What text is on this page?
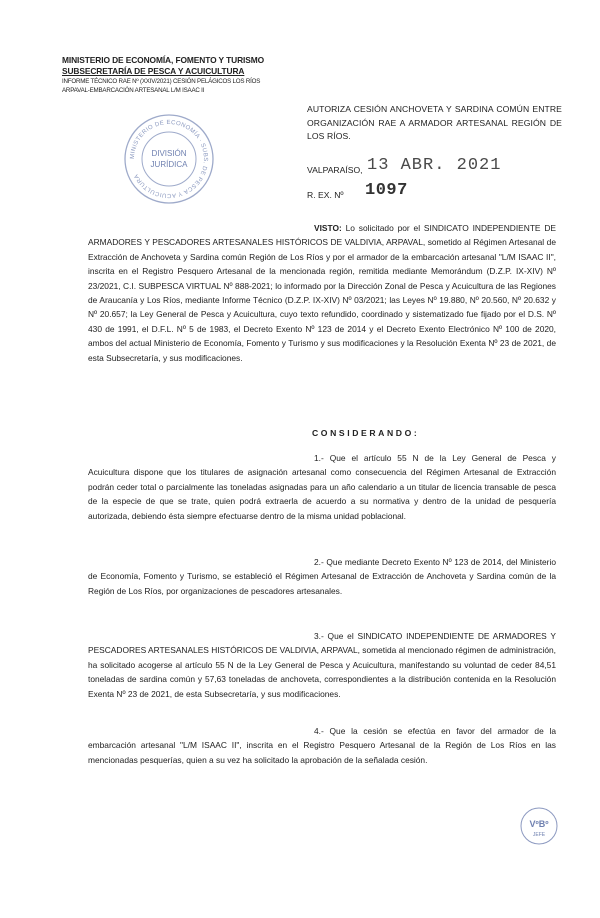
MINISTERIO DE ECONOMÍA, FOMENTO Y TURISMO
SUBSECRETARÍA DE PESCA Y ACUICULTURA
INFORME TÉCNICO RAE Nº (XXIV/2021) CESIÓN PELÁGICOS LOS RÍOS
ARPAVAL-EMBARCACIÓN ARTESANAL L/M ISAAC II
MINISTERIO DE ECONOMÍA · SUBS. DE PESCA Y ACUICULTURA
DIVISIÓN
JURÍDICA
AUTORIZA CESIÓN ANCHOVETA Y SARDINA COMÚN ENTRE ORGANIZACIÓN RAE A ARMADOR ARTESANAL REGIÓN DE LOS RÍOS.
VALPARAÍSO, 13 ABR. 2021
R. EX. Nº 1097

VISTO: Lo solicitado por el SINDICATO INDEPENDIENTE DE ARMADORES Y PESCADORES ARTESANALES HISTÓRICOS DE VALDIVIA, ARPAVAL, sometido al Régimen Artesanal de Extracción de Anchoveta y Sardina común Región de Los Ríos y por el armador de la embarcación artesanal "L/M ISAAC II", inscrita en el Registro Pesquero Artesanal de la mencionada región, remitida mediante Memorándum (D.Z.P. IX-XIV) Nº 23/2021, C.I. SUBPESCA VIRTUAL Nº 888-2021; lo informado por la Dirección Zonal de Pesca y Acuicultura de las Regiones de Araucanía y Los Ríos, mediante Informe Técnico (D.Z.P. IX-XIV) Nº 03/2021; las Leyes Nº 19.880, Nº 20.560, Nº 20.632 y Nº 20.657; la Ley General de Pesca y Acuicultura, cuyo texto refundido, coordinado y sistematizado fue fijado por el D.S. Nº 430 de 1991, el D.F.L. Nº 5 de 1983, el Decreto Exento Nº 123 de 2014 y el Decreto Exento Electrónico Nº 100 de 2020, ambos del actual Ministerio de Economía, Fomento y Turismo y sus modificaciones y la Resolución Exenta Nº 23 de 2021, de esta Subsecretaría, y sus modificaciones.

CONSIDERANDO:

1.- Que el artículo 55 N de la Ley General de Pesca y Acuicultura dispone que los titulares de asignación artesanal como consecuencia del Régimen Artesanal de Extracción podrán ceder total o parcialmente las toneladas asignadas para un año calendario a un titular de licencia transable de pesca de la especie de que se trate, quien podrá extraerla de acuerdo a su normativa y dentro de la unidad de pesquería autorizada, debiendo ésta siempre efectuarse dentro de la misma unidad poblacional.

2.- Que mediante Decreto Exento Nº 123 de 2014, del Ministerio de Economía, Fomento y Turismo, se estableció el Régimen Artesanal de Extracción de Anchoveta y Sardina común de la Región de Los Ríos, por organizaciones de pescadores artesanales.

3.- Que el SINDICATO INDEPENDIENTE DE ARMADORES Y PESCADORES ARTESANALES HISTÓRICOS DE VALDIVIA, ARPAVAL, sometida al mencionado régimen de administración, ha solicitado acogerse al artículo 55 N de la Ley General de Pesca y Acuicultura, manifestando su voluntad de ceder 84,51 toneladas de sardina común y 57,63 toneladas de anchoveta, correspondientes a la distribución contenida en la Resolución Exenta Nº 23 de 2021, de esta Subsecretaría, y sus modificaciones.

4.- Que la cesión se efectúa en favor del armador de la embarcación artesanal "L/M ISAAC II", inscrita en el Registro Pesquero Artesanal de la Región de Los Ríos en las mencionadas pesquerías, quien a su vez ha solicitado la aprobación de la señalada cesión.

VºBº
JEFE
